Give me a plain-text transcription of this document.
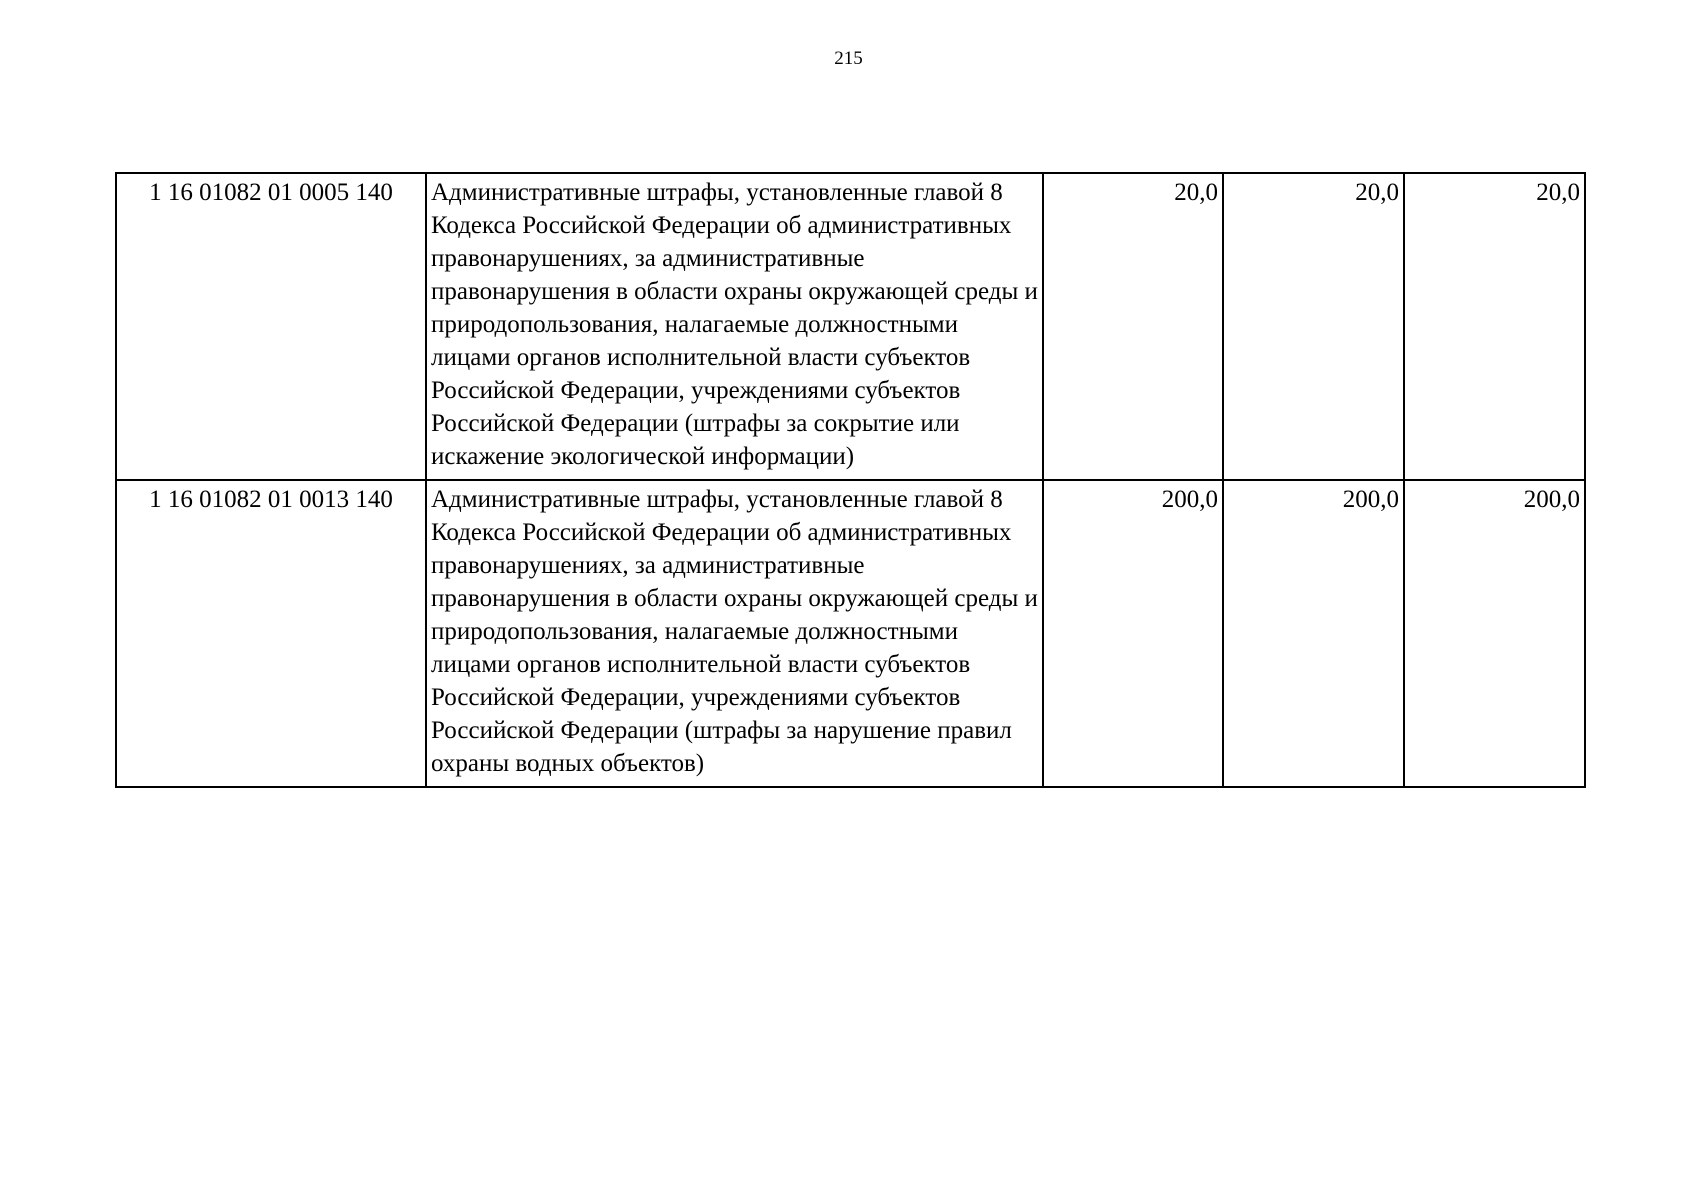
215
1 16 01082 01 0005 140	Административные штрафы, установленные главой 8 Кодекса Российской Федерации об административных правонарушениях, за административные правонарушения в области охраны окружающей среды и природопользования, налагаемые должностными лицами органов исполнительной власти субъектов Российской Федерации, учреждениями субъектов Российской Федерации (штрафы за сокрытие или искажение экологической информации)	20,0	20,0	20,0
1 16 01082 01 0013 140	Административные штрафы, установленные главой 8 Кодекса Российской Федерации об административных правонарушениях, за административные правонарушения в области охраны окружающей среды и природопользования, налагаемые должностными лицами органов исполнительной власти субъектов Российской Федерации, учреждениями субъектов Российской Федерации (штрафы за нарушение правил охраны водных объектов)	200,0	200,0	200,0
